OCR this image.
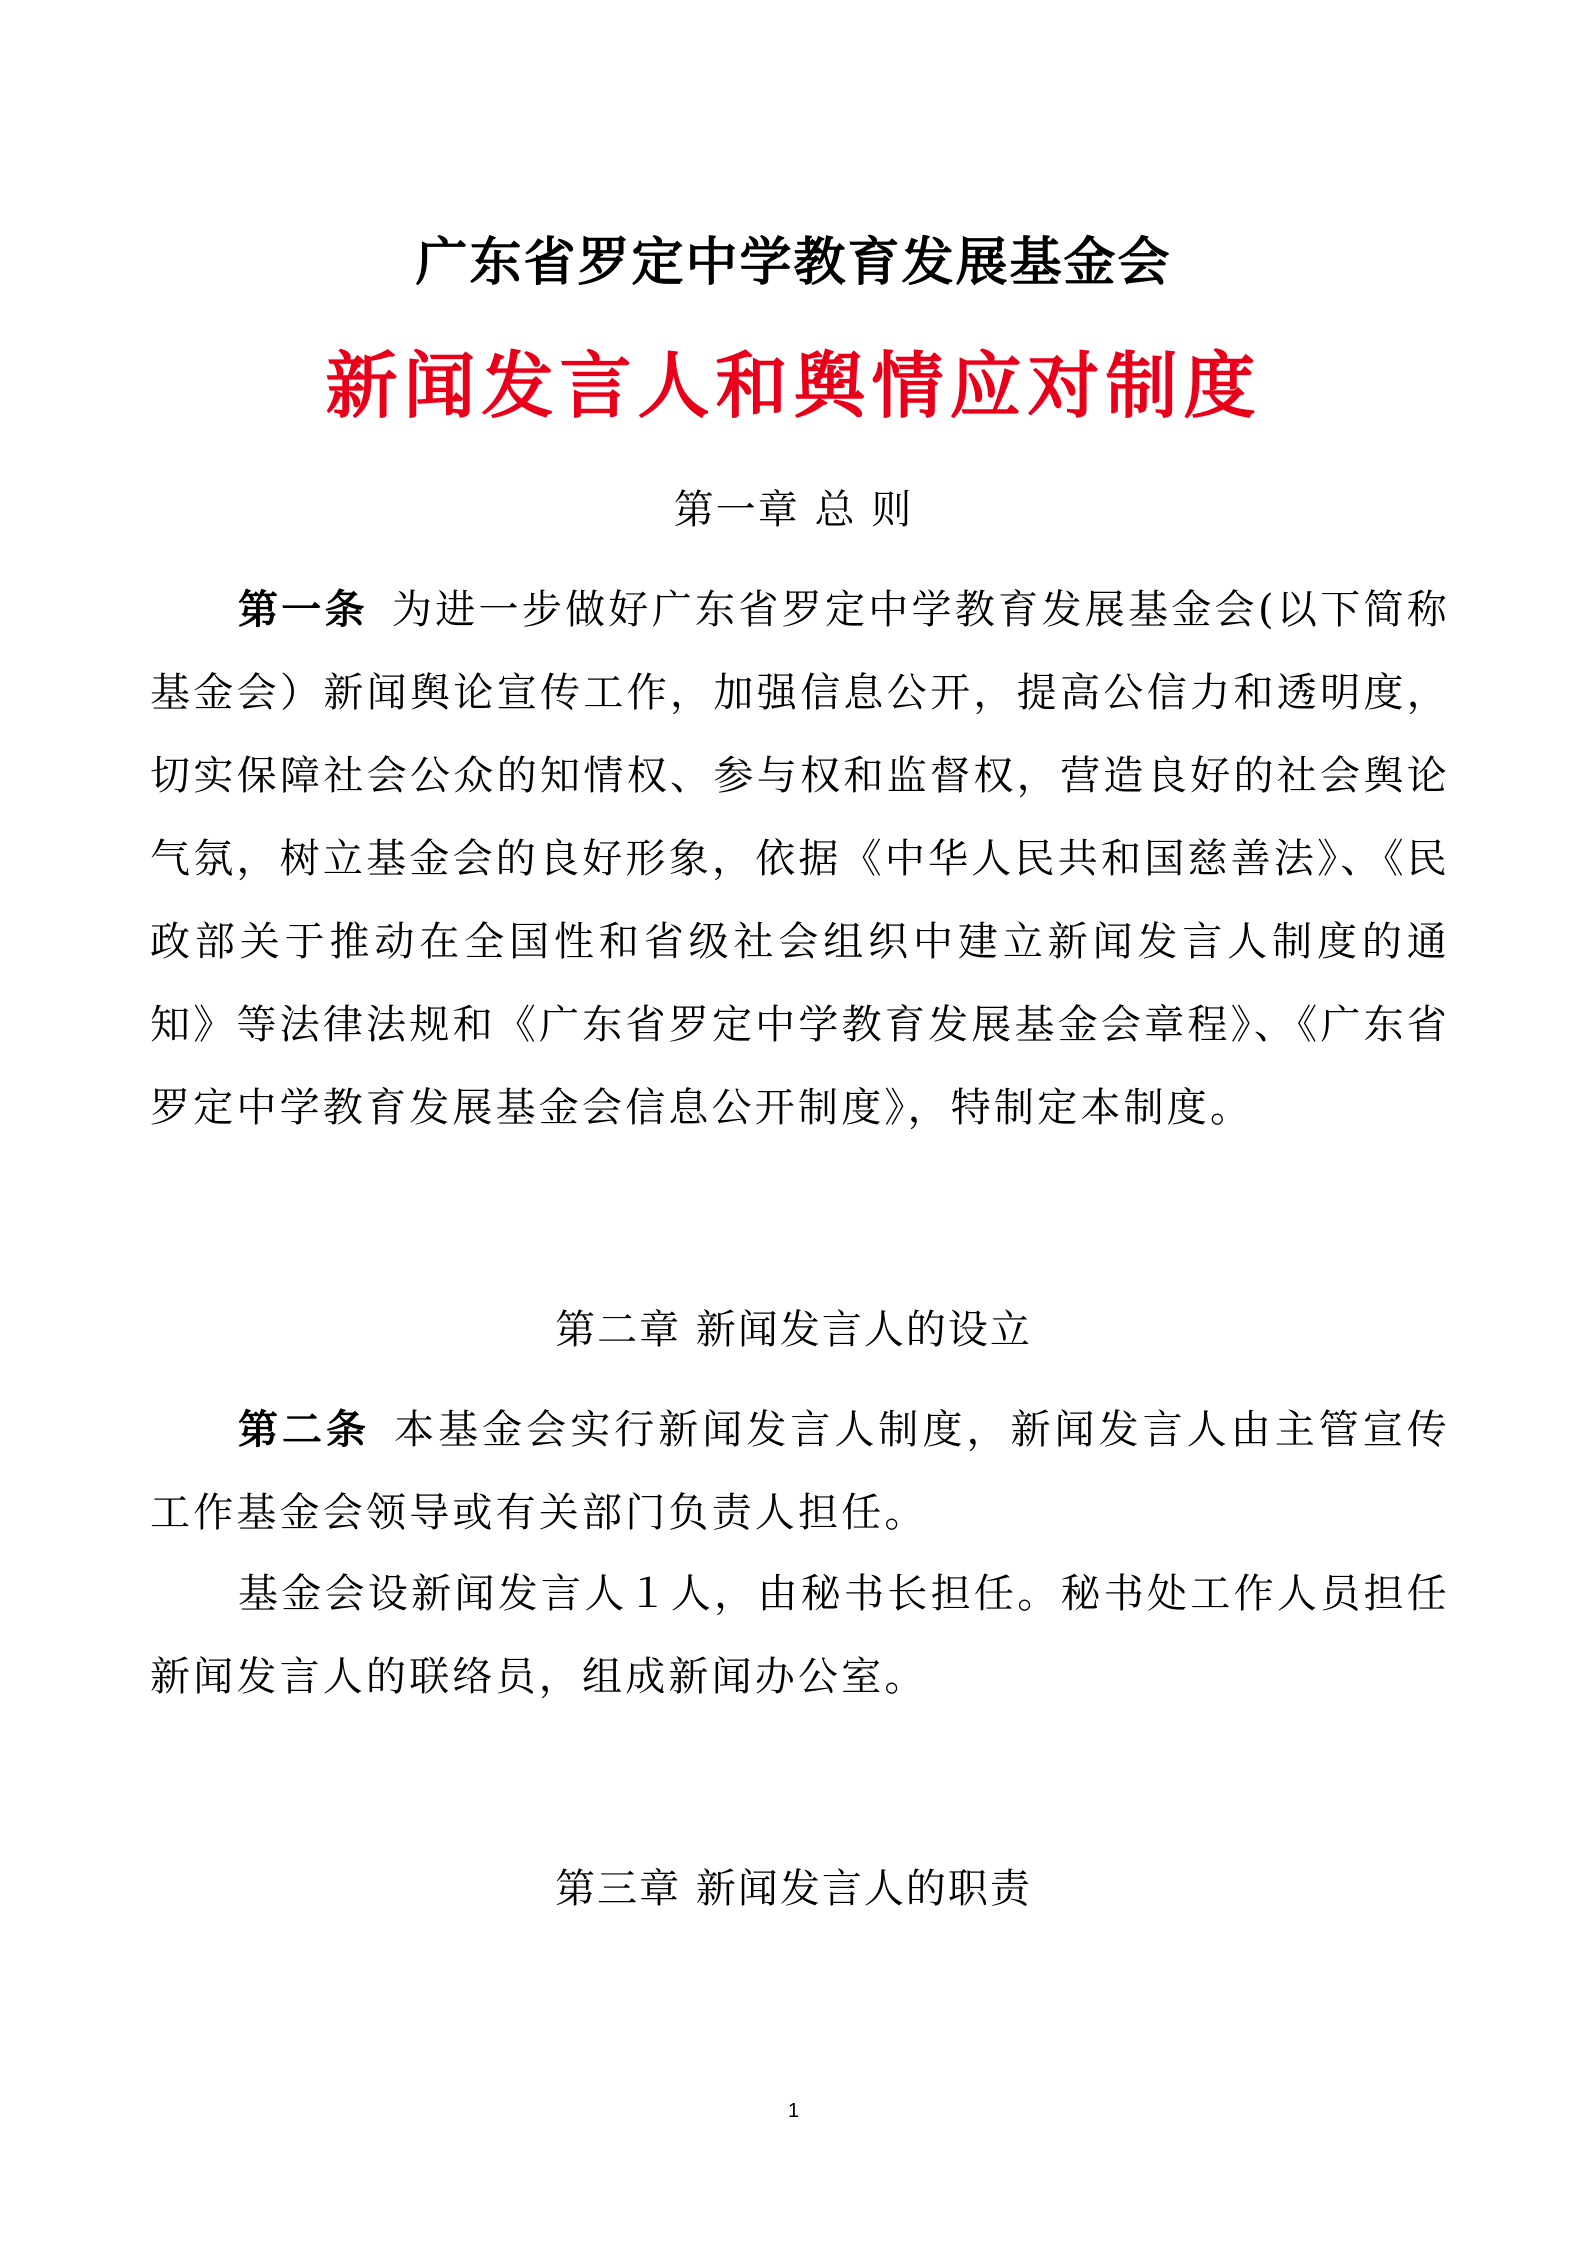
广东省罗定中学教育发展基金会
新闻发言人和舆情应对制度
第一章 总 则
第一条 为进一步做好广东省罗定中学教育发展基金会(以下简称基金会）新闻舆论宣传工作，加强信息公开，提高公信力和透明度，切实保障社会公众的知情权、参与权和监督权，营造良好的社会舆论气氛，树立基金会的良好形象，依据《中华人民共和国慈善法》、《民政部关于推动在全国性和省级社会组织中建立新闻发言人制度的通知》等法律法规和《广东省罗定中学教育发展基金会章程》、《广东省罗定中学教育发展基金会信息公开制度》，特制定本制度。
第二章 新闻发言人的设立
第二条 本基金会实行新闻发言人制度，新闻发言人由主管宣传工作基金会领导或有关部门负责人担任。
基金会设新闻发言人１人，由秘书长担任。秘书处工作人员担任新闻发言人的联络员，组成新闻办公室。
第三章 新闻发言人的职责
1
